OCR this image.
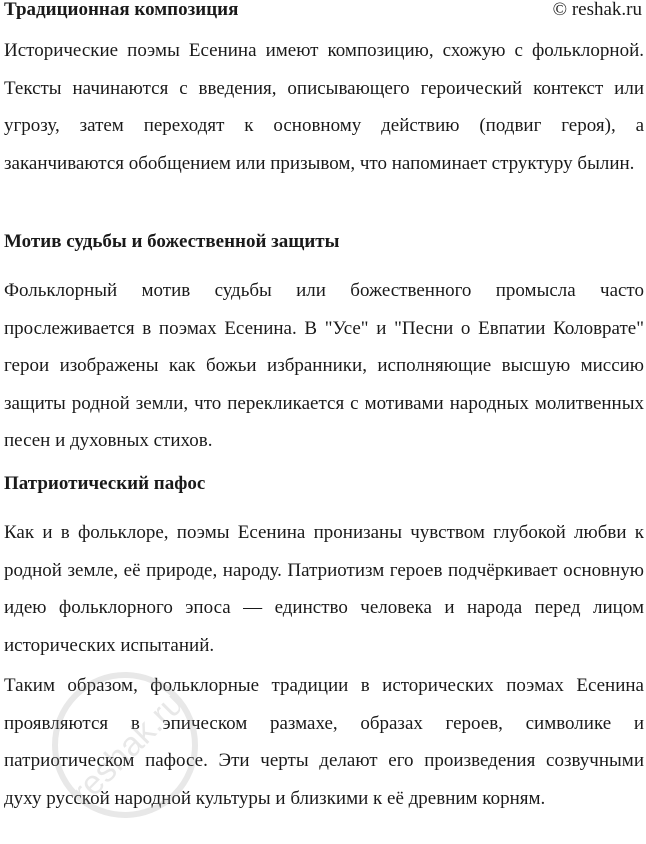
Традиционная композиция	© reshak.ru

Исторические поэмы Есенина имеют композицию, схожую с фольклорной. Тексты начинаются с введения, описывающего героический контекст или угрозу, затем переходят к основному действию (подвиг героя), а заканчиваются обобщением или призывом, что напоминает структуру былин.

Мотив судьбы и божественной защиты

Фольклорный мотив судьбы или божественного промысла часто прослеживается в поэмах Есенина. В "Усе" и "Песни о Евпатии Коловрате" герои изображены как божьи избранники, исполняющие высшую миссию защиты родной земли, что перекликается с мотивами народных молитвенных песен и духовных стихов.

Патриотический пафос

Как и в фольклоре, поэмы Есенина пронизаны чувством глубокой любви к родной земле, её природе, народу. Патриотизм героев подчёркивает основную идею фольклорного эпоса — единство человека и народа перед лицом исторических испытаний.

Таким образом, фольклорные традиции в исторических поэмах Есенина проявляются в эпическом размахе, образах героев, символике и патриотическом пафосе. Эти черты делают его произведения созвучными духу русской народной культуры и близкими к её древним корням.

reshak.ru
